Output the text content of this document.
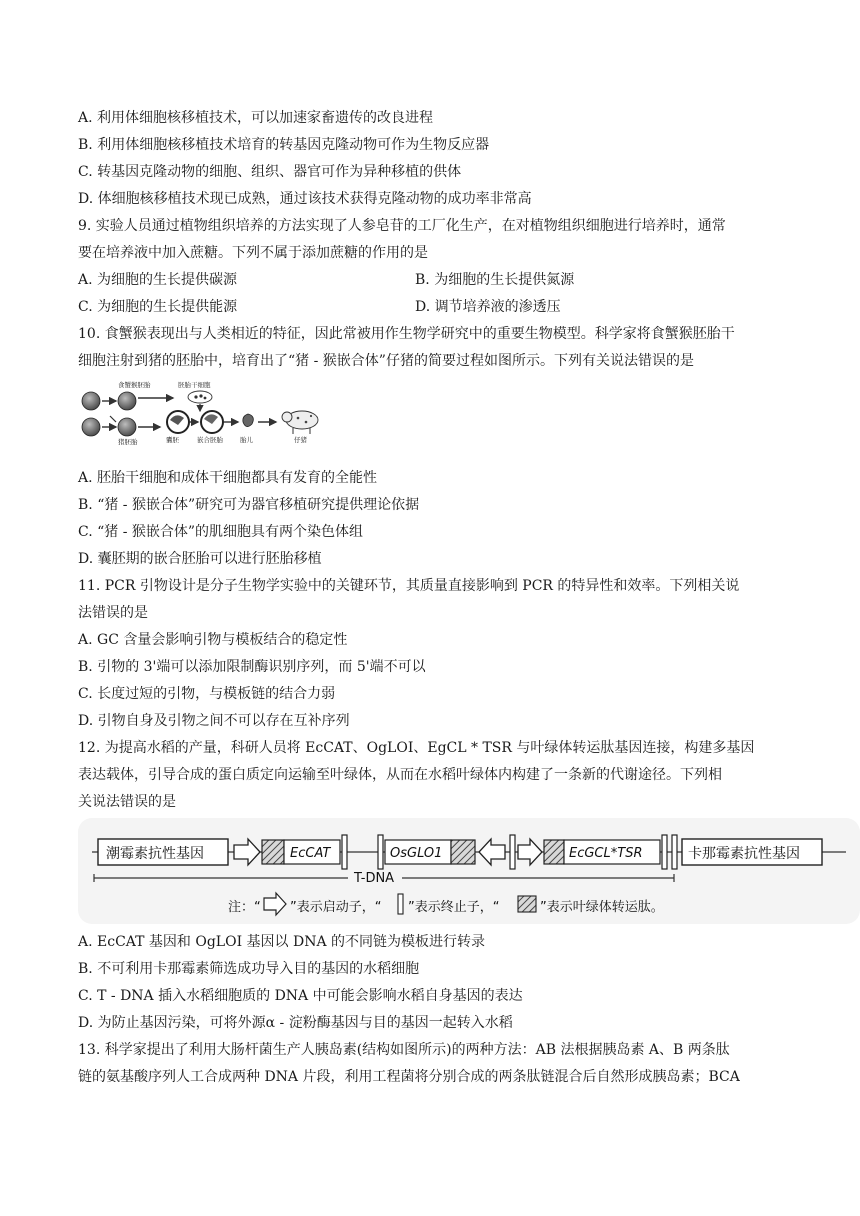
A. 利用体细胞核移植技术，可以加速家畜遗传的改良进程
B. 利用体细胞核移植技术培育的转基因克隆动物可作为生物反应器
C. 转基因克隆动物的细胞、组织、器官可作为异种移植的供体
D. 体细胞核移植技术现已成熟，通过该技术获得克隆动物的成功率非常高
9. 实验人员通过植物组织培养的方法实现了人参皂苷的工厂化生产，在对植物组织细胞进行培养时，通常
要在培养液中加入蔗糖。下列不属于添加蔗糖的作用的是
A. 为细胞的生长提供碳源	B. 为细胞的生长提供氮源
C. 为细胞的生长提供能源	D. 调节培养液的渗透压
10. 食蟹猴表现出与人类相近的特征，因此常被用作生物学研究中的重要生物模型。科学家将食蟹猴胚胎干
细胞注射到猪的胚胎中，培育出了“猪 - 猴嵌合体”仔猪的简要过程如图所示。下列有关说法错误的是
食蟹猴胚胎	胚胎干细胞
猪胚胎	囊胚	嵌合胚胎	胎儿	仔猪
A. 胚胎干细胞和成体干细胞都具有发育的全能性
B. “猪 - 猴嵌合体”研究可为器官移植研究提供理论依据
C. “猪 - 猴嵌合体”的肌细胞具有两个染色体组
D. 囊胚期的嵌合胚胎可以进行胚胎移植
11. PCR 引物设计是分子生物学实验中的关键环节，其质量直接影响到 PCR 的特异性和效率。下列相关说
法错误的是
A. GC 含量会影响引物与模板结合的稳定性
B. 引物的 3'端可以添加限制酶识别序列，而 5'端不可以
C. 长度过短的引物，与模板链的结合力弱
D. 引物自身及引物之间不可以存在互补序列
12. 为提高水稻的产量，科研人员将 EcCAT、OgLOI、EgCL * TSR 与叶绿体转运肽基因连接，构建多基因
表达载体，引导合成的蛋白质定向运输至叶绿体，从而在水稻叶绿体内构建了一条新的代谢途径。下列相
关说法错误的是
潮霉素抗性基因	EcCAT	OsGLO1	EcGCL*TSR	卡那霉素抗性基因
T-DNA
注：“ ”表示启动子，“ ”表示终止子，“	”表示叶绿体转运肽。
A. EcCAT 基因和 OgLOI 基因以 DNA 的不同链为模板进行转录
B. 不可利用卡那霉素筛选成功导入目的基因的水稻细胞
C. T - DNA 插入水稻细胞质的 DNA 中可能会影响水稻自身基因的表达
D. 为防止基因污染，可将外源α - 淀粉酶基因与目的基因一起转入水稻
13. 科学家提出了利用大肠杆菌生产人胰岛素(结构如图所示)的两种方法：AB 法根据胰岛素 A、B 两条肽
链的氨基酸序列人工合成两种 DNA 片段，利用工程菌将分别合成的两条肽链混合后自然形成胰岛素；BCA
